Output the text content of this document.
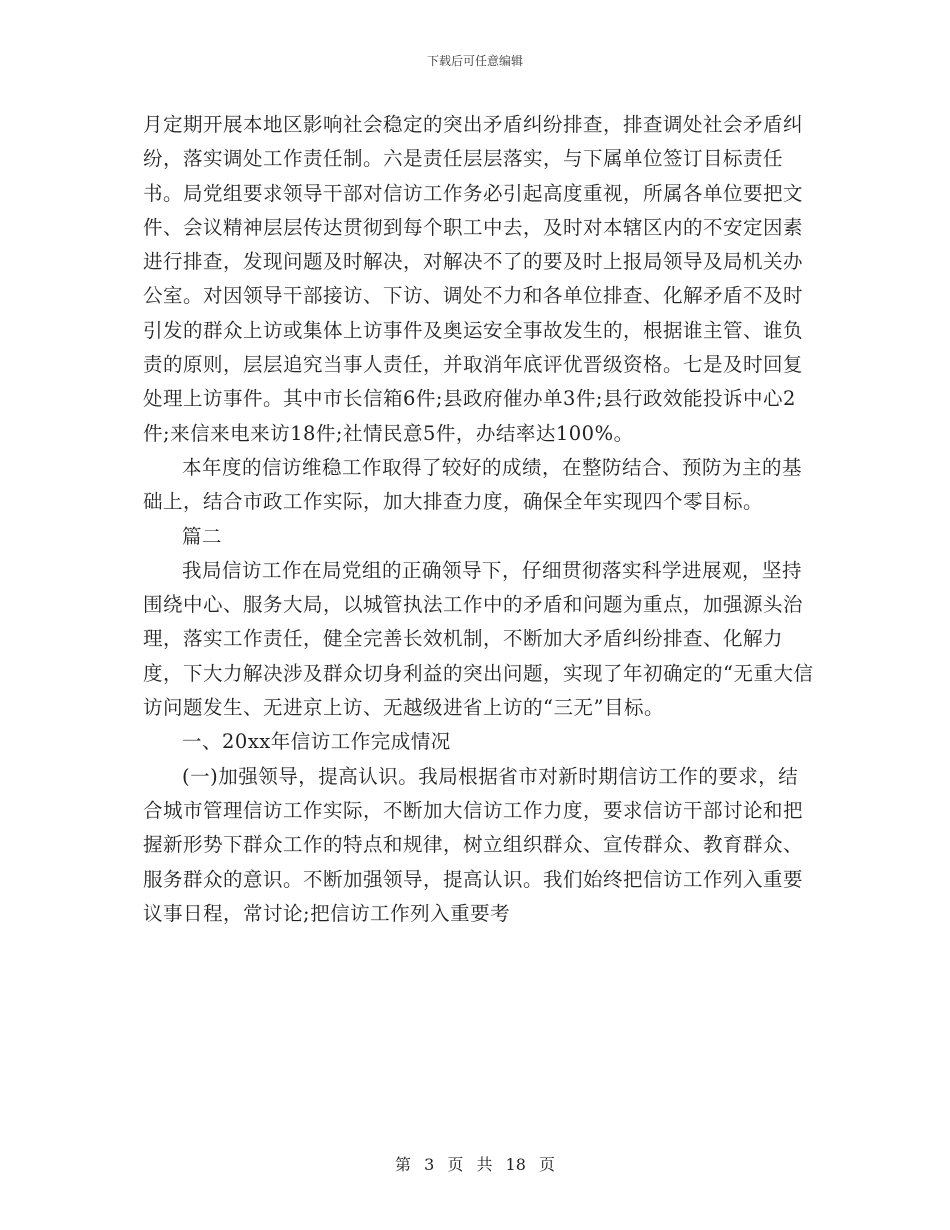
下载后可任意编辑

月定期开展本地区影响社会稳定的突出矛盾纠纷排查，排查调处社会矛盾纠纷，落实调处工作责任制。六是责任层层落实，与下属单位签订目标责任书。局党组要求领导干部对信访工作务必引起高度重视，所属各单位要把文件、会议精神层层传达贯彻到每个职工中去，及时对本辖区内的不安定因素进行排查，发现问题及时解决，对解决不了的要及时上报局领导及局机关办公室。对因领导干部接访、下访、调处不力和各单位排查、化解矛盾不及时引发的群众上访或集体上访事件及奥运安全事故发生的，根据谁主管、谁负责的原则，层层追究当事人责任，并取消年底评优晋级资格。七是及时回复处理上访事件。其中市长信箱6件;县政府催办单3件;县行政效能投诉中心2件;来信来电来访18件;社情民意5件，办结率达100%。

本年度的信访维稳工作取得了较好的成绩，在整防结合、预防为主的基础上，结合市政工作实际，加大排查力度，确保全年实现四个零目标。

篇二

我局信访工作在局党组的正确领导下，仔细贯彻落实科学进展观，坚持围绕中心、服务大局，以城管执法工作中的矛盾和问题为重点，加强源头治理，落实工作责任，健全完善长效机制，不断加大矛盾纠纷排查、化解力度，下大力解决涉及群众切身利益的突出问题，实现了年初确定的“无重大信访问题发生、无进京上访、无越级进省上访的“三无”目标。

一、20xx年信访工作完成情况

(一)加强领导，提高认识。我局根据省市对新时期信访工作的要求，结合城市管理信访工作实际，不断加大信访工作力度，要求信访干部讨论和把握新形势下群众工作的特点和规律，树立组织群众、宣传群众、教育群众、服务群众的意识。不断加强领导，提高认识。我们始终把信访工作列入重要议事日程，常讨论;把信访工作列入重要考

第 3 页 共 18 页
